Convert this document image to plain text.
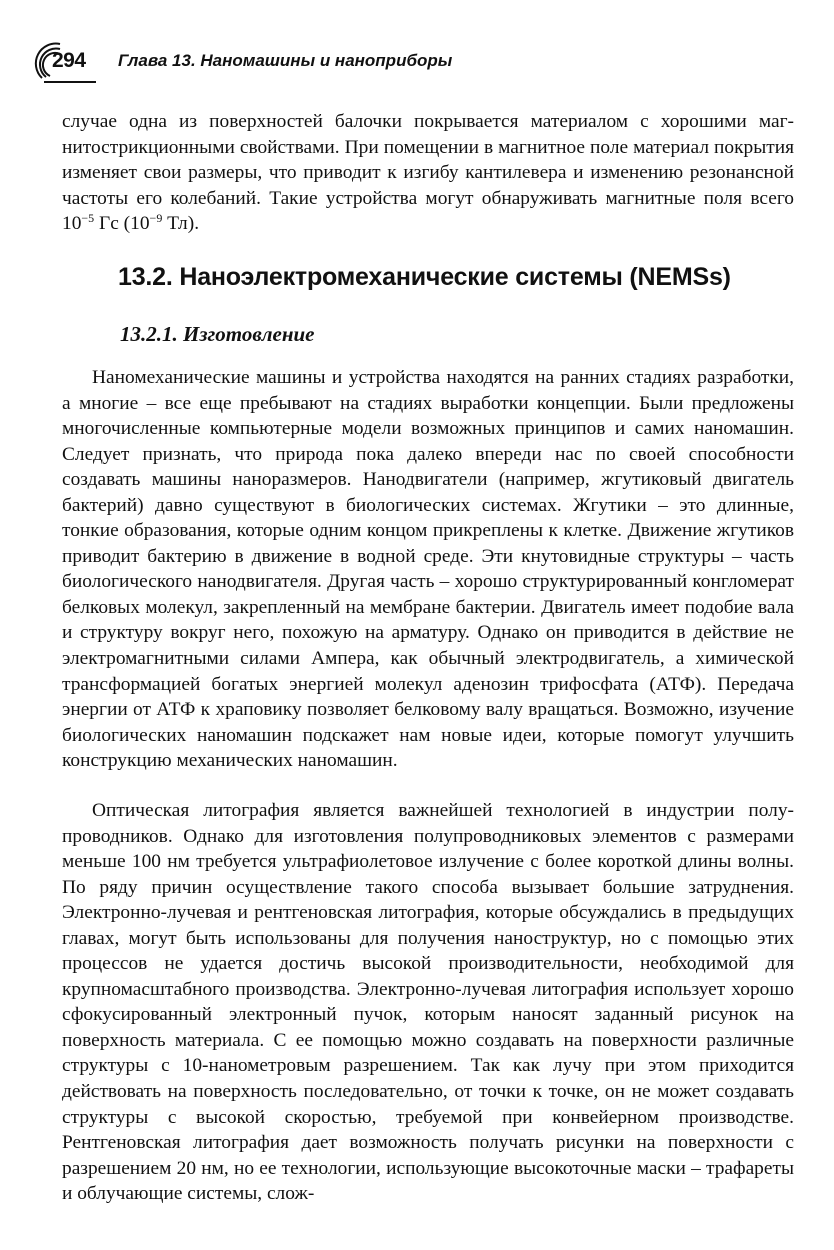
294 Глава 13. Наномашины и наноприборы

случае одна из поверхностей балочки покрывается материалом с хорошими магнитострикционными свойствами. При помещении в магнитное поле материал покрытия изменяет свои размеры, что приводит к изгибу кантилевера и изменению резонансной частоты его колебаний. Такие устройства могут обнаруживать магнитные поля всего $10^{-5}$ Гс ($10^{-9}$ Тл).

13.2. Наноэлектромеханические системы (NEMSs)
13.2.1. Изготовление

Наномеханические машины и устройства находятся на ранних стадиях разработки, а многие – все еще пребывают на стадиях выработки концепции. Были предложены многочисленные компьютерные модели возможных принципов и самих наномашин. Следует признать, что природа пока далеко впереди нас по своей способности создавать машины наноразмеров. Нанодвигатели (например, жгутиковый двигатель бактерий) давно существуют в биологических системах. Жгутики – это длинные, тонкие образования, которые одним концом прикреплены к клетке. Движение жгутиков приводит бактерию в движение в водной среде. Эти кнутовидные структуры – часть биологического нанодвигателя. Другая часть – хорошо структурированный конгломерат белковых молекул, закрепленный на мембране бактерии. Двигатель имеет подобие вала и структуру вокруг него, похожую на арматуру. Однако он приводится в действие не электромагнитными силами Ампера, как обычный электродвигатель, а химической трансформацией богатых энергией молекул аденозин трифосфата (АТФ). Передача энергии от АТФ к храповику позволяет белковому валу вращаться. Возможно, изучение биологических наномашин подскажет нам новые идеи, которые помогут улучшить конструкцию механических наномашин.

Оптическая литография является важнейшей технологией в индустрии полупроводников. Однако для изготовления полупроводниковых элементов с размерами меньше 100 нм требуется ультрафиолетовое излучение с более короткой длины волны. По ряду причин осуществление такого способа вызывает большие затруднения. Электронно-лучевая и рентгеновская литография, которые обсуждались в предыдущих главах, могут быть использованы для получения наноструктур, но с помощью этих процессов не удается достичь высокой производительности, необходимой для крупномасштабного производства. Электронно-лучевая литография использует хорошо сфокусированный электронный пучок, которым наносят заданный рисунок на поверхность материала. С ее помощью можно создавать на поверхности различные структуры с 10-нанометровым разрешением. Так как лучу при этом приходится действовать на поверхность последовательно, от точки к точке, он не может создавать структуры с высокой скоростью, требуемой при конвейерном производстве. Рентгеновская литография дает возможность получать рисунки на поверхности с разрешением 20 нм, но ее технологии, использующие высокоточные маски – трафареты и облучающие системы, слож-
